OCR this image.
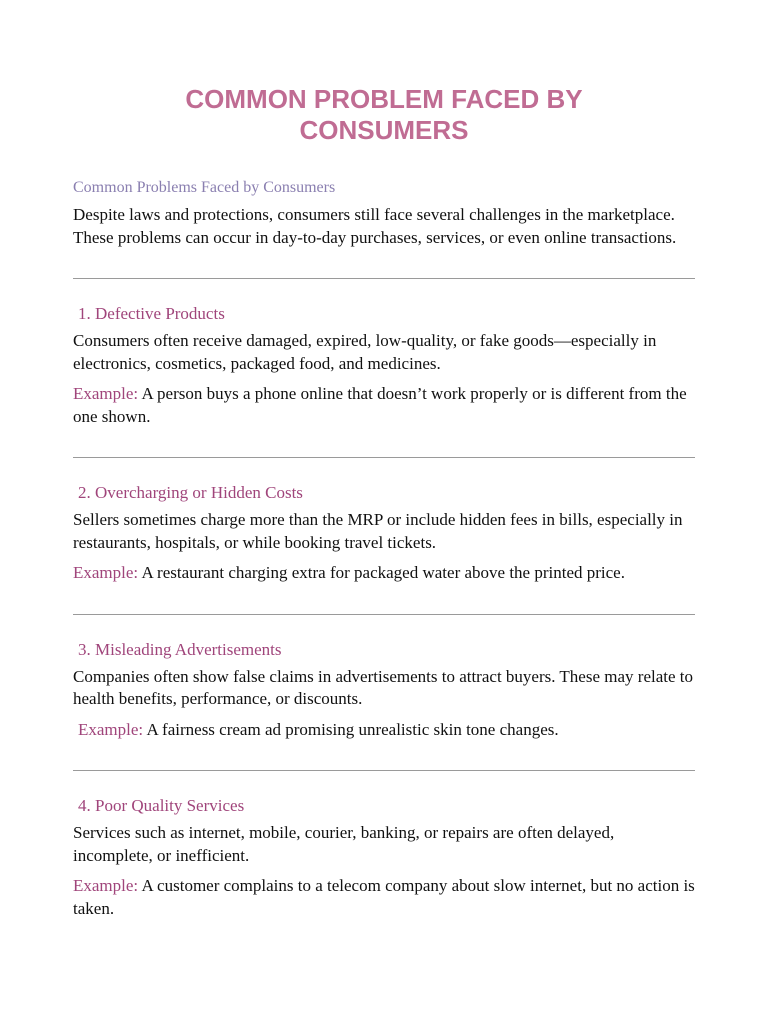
COMMON PROBLEM FACED BY
CONSUMERS
Common Problems Faced by Consumers

Despite laws and protections, consumers still face several challenges in the marketplace. These problems can occur in day-to-day purchases, services, or even online transactions.

1. Defective Products

Consumers often receive damaged, expired, low-quality, or fake goods—especially in electronics, cosmetics, packaged food, and medicines.

Example: A person buys a phone online that doesn’t work properly or is different from the one shown.

2. Overcharging or Hidden Costs

Sellers sometimes charge more than the MRP or include hidden fees in bills, especially in restaurants, hospitals, or while booking travel tickets.

Example: A restaurant charging extra for packaged water above the printed price.

3. Misleading Advertisements

Companies often show false claims in advertisements to attract buyers. These may relate to health benefits, performance, or discounts.

Example: A fairness cream ad promising unrealistic skin tone changes.

4. Poor Quality Services

Services such as internet, mobile, courier, banking, or repairs are often delayed, incomplete, or inefficient.

Example: A customer complains to a telecom company about slow internet, but no action is taken.
